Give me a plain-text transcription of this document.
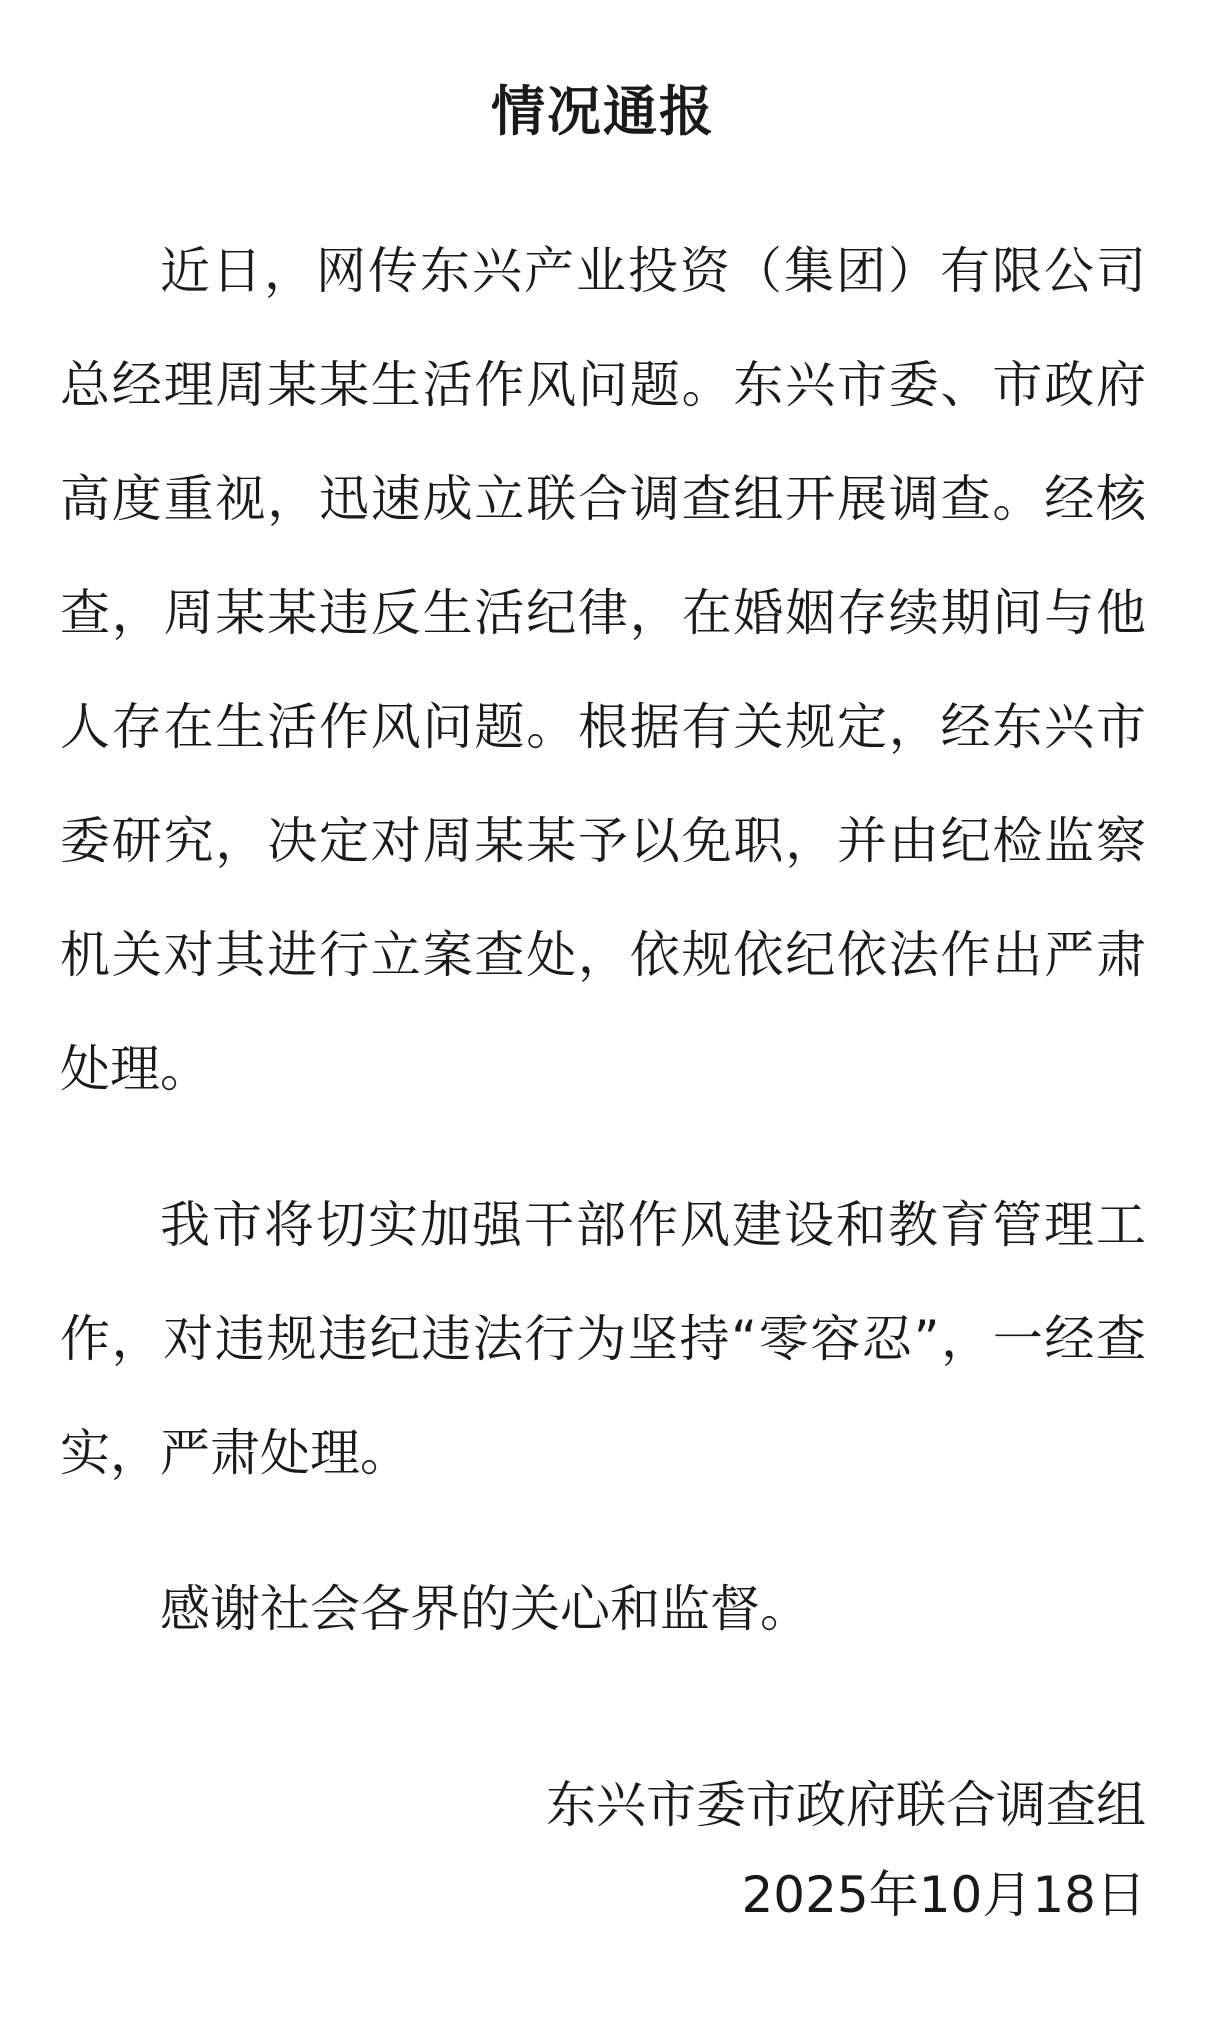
情况通报

近日，网传东兴产业投资（集团）有限公司总经理周某某生活作风问题。东兴市委、市政府高度重视，迅速成立联合调查组开展调查。经核查，周某某违反生活纪律，在婚姻存续期间与他人存在生活作风问题。根据有关规定，经东兴市委研究，决定对周某某予以免职，并由纪检监察机关对其进行立案查处，依规依纪依法作出严肃处理。

我市将切实加强干部作风建设和教育管理工作，对违规违纪违法行为坚持“零容忍”，一经查实，严肃处理。

感谢社会各界的关心和监督。

东兴市委市政府联合调查组

2025年10月18日
